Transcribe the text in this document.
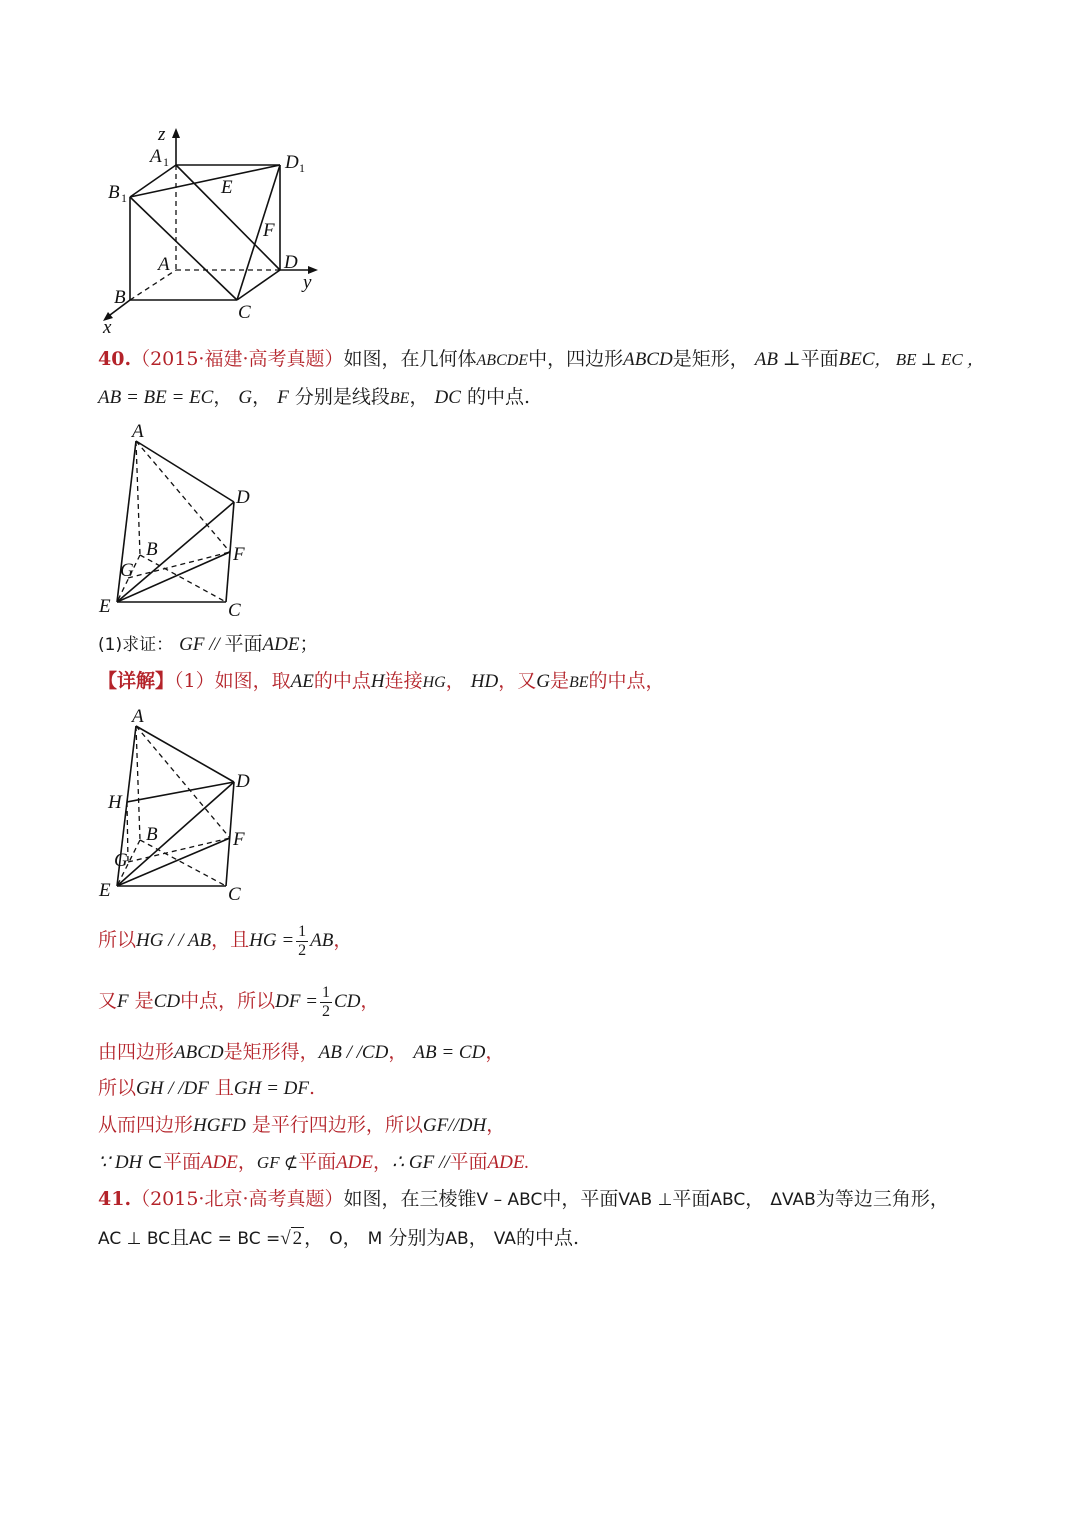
z
A 1	D 1
B 1	E
F
A	D
y
B
C
x
40.（2015·福建·高考真题）如图，在几何体ABCDE中，四边形ABCD是矩形， AB ⊥平面BEC， BE ⊥ EC ，
AB = BE = EC， G， F 分别是线段BE， DC 的中点.
A
D
B	F
G
E	C
(1)求证： GF // 平面ADE；
【详解】（1）如图，取AE的中点H连接HG， HD，又G是BE的中点，
A
D
H
B	F
G
E	C
所以HG / / AB，且HG = $\frac{1}{2}$ AB，
又F 是CD中点，所以DF = $\frac{1}{2}$ CD，
由四边形ABCD是矩形得，AB / /CD， AB = CD，
所以GH / /DF 且GH = DF.
从而四边形HGFD 是平行四边形，所以GF//DH，
∵ DH ⊂平面ADE，GF ⊄平面ADE，∴ GF //平面ADE.
41.（2015·北京·高考真题）如图，在三棱锥V – ABC中，平面VAB ⊥平面ABC， ΔVAB为等边三角形，
AC ⊥ BC且AC = BC =√ 2 ， O， M 分别为AB， VA的中点.
